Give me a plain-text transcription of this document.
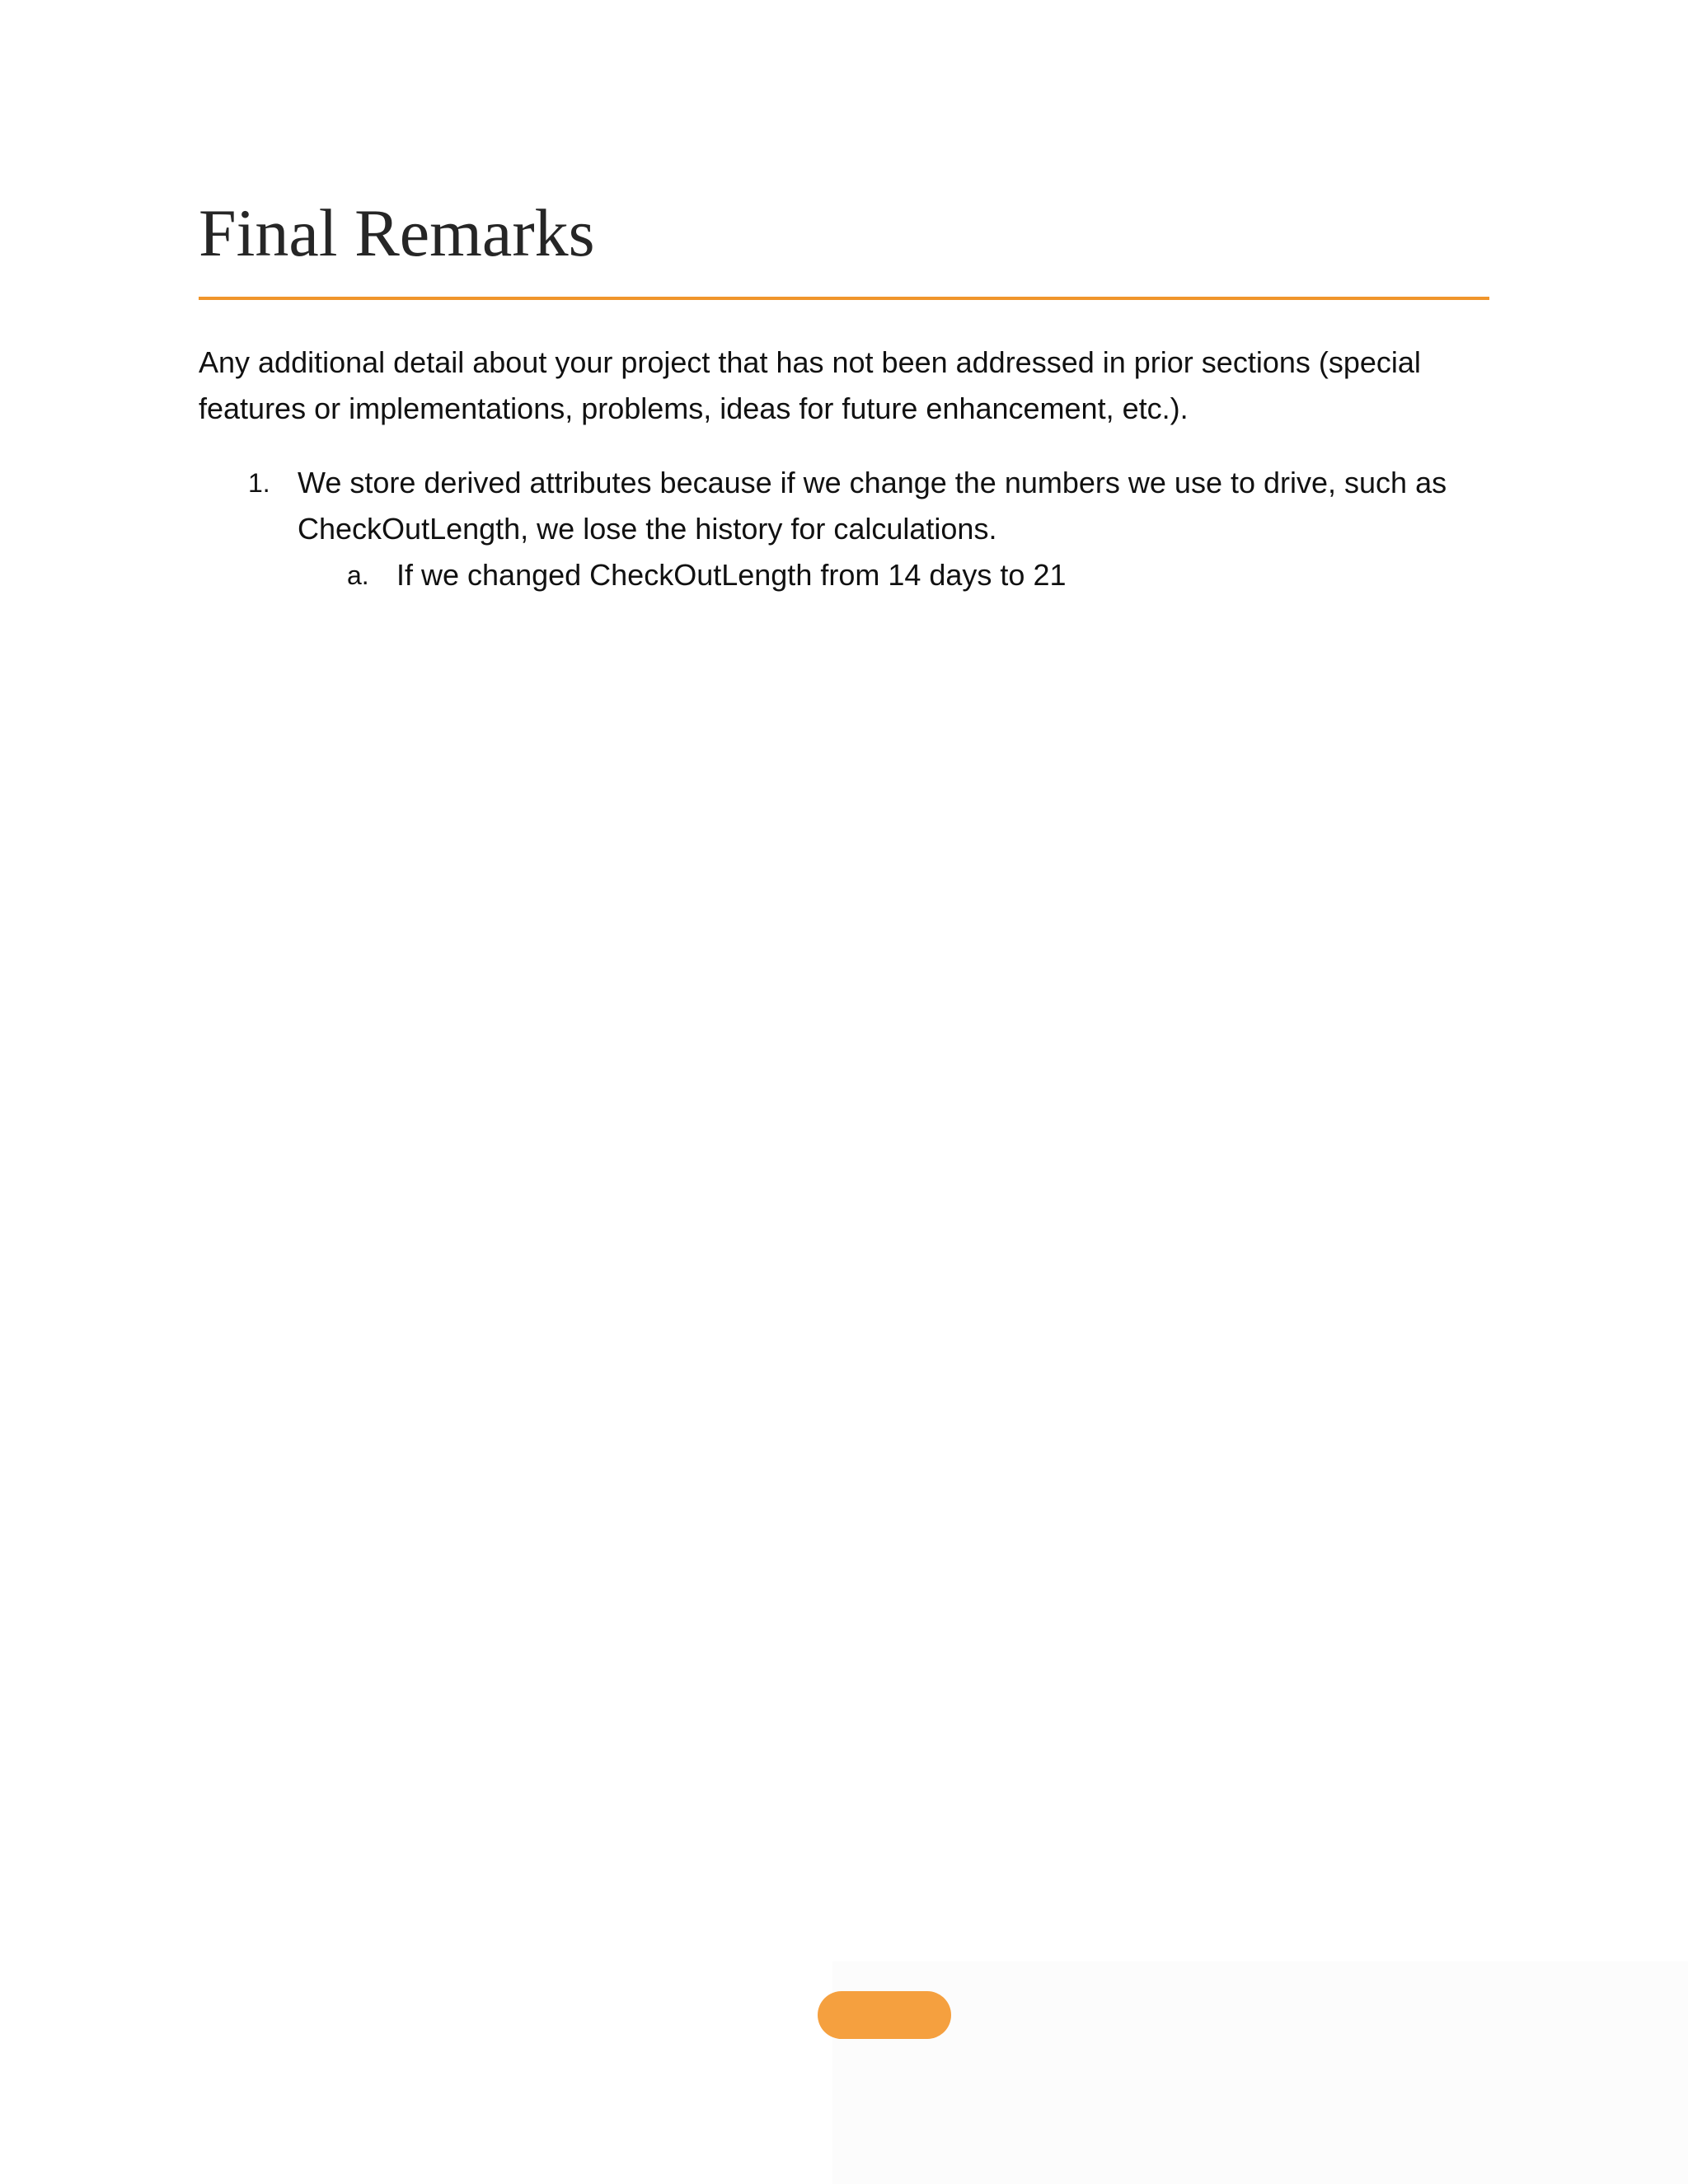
Final Remarks

Any additional detail about your project that has not been addressed in prior sections (special features or implementations, problems, ideas for future enhancement, etc.).

1. We store derived attributes because if we change the numbers we use to drive, such as CheckOutLength, we lose the history for calculations.
a. If we changed CheckOutLength from 14 days to 21
